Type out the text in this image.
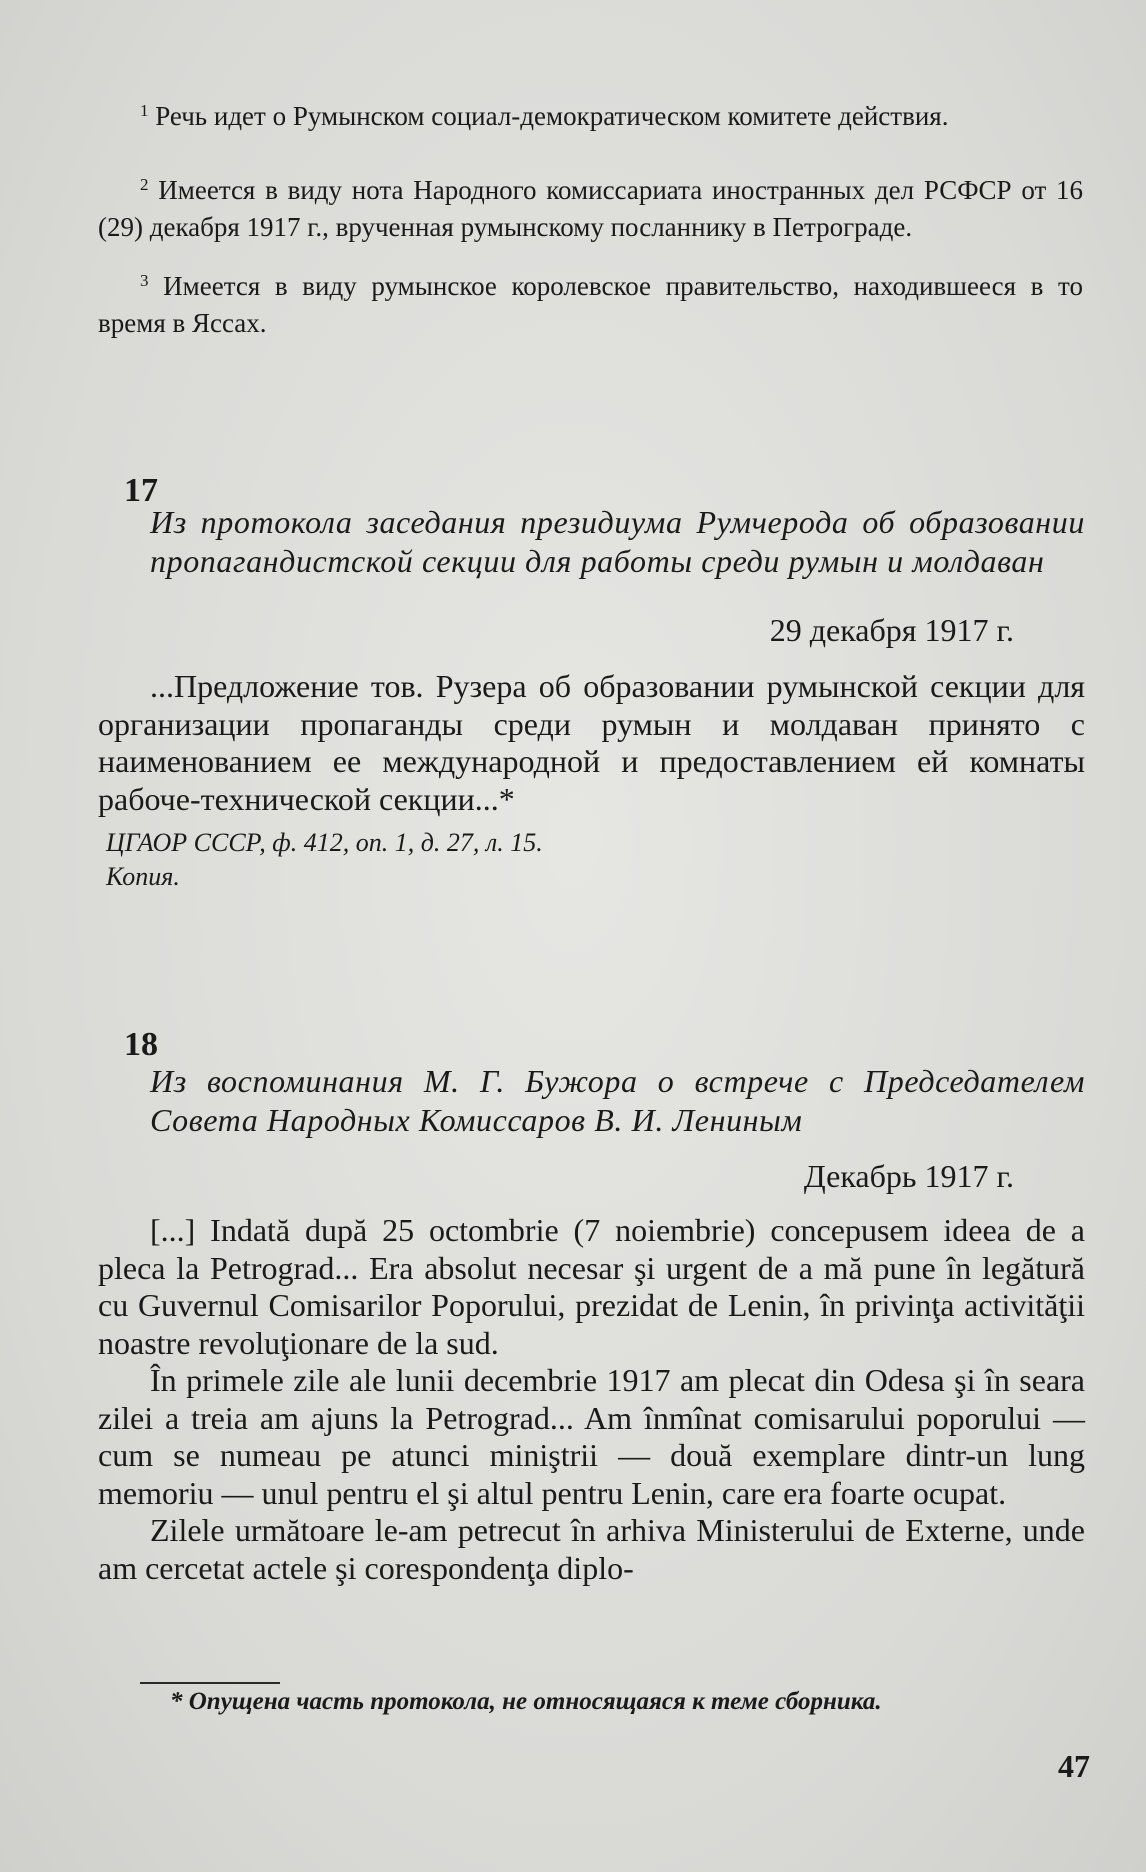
$^1$ Речь идет о Румынском социал-демократическом комитете действия.
$^2$ Имеется в виду нота Народного комиссариата иностранных дел РСФСР от 16 (29) декабря 1917 г., врученная румынскому посланнику в Петрограде.
$^3$ Имеется в виду румынское королевское правительство, находившееся в то время в Яссах.
17
Из протокола заседания президиума Румчерода об образовании пропагандистской секции для работы среди румын и молдаван
29 декабря 1917 г.

...Предложение тов. Рузера об образовании румынской секции для организации пропаганды среди румын и молдаван принято с наименованием ее международной и предоставлением ей комнаты рабоче-технической секции...*

ЦГАОР СССР, ф. 412, оп. 1, д. 27, л. 15.
Копия.
18
Из воспоминания М. Г. Бужора о встрече с Председателем Совета Народных Комиссаров В. И. Лениным
Декабрь 1917 г.

[...] Indată după 25 octombrie (7 noiembrie) concepusem ideea de a pleca la Petrograd... Era absolut necesar şi urgent de a mă pune în legătură cu Guvernul Comisarilor Poporului, prezidat de Lenin, în privinţa activităţii noastre revoluţionare de la sud.

În primele zile ale lunii decembrie 1917 am plecat din Odesa şi în seara zilei a treia am ajuns la Petrograd... Am înmînat comisarului poporului — cum se numeau pe atunci miniştrii — două exemplare dintr-un lung memoriu — unul pentru el şi altul pentru Lenin, care era foarte ocupat.

Zilele următoare le-am petrecut în arhiva Ministerului de Externe, unde am cercetat actele şi corespondenţa diplo-

* Опущена часть протокола, не относящаяся к теме сборника.
47
